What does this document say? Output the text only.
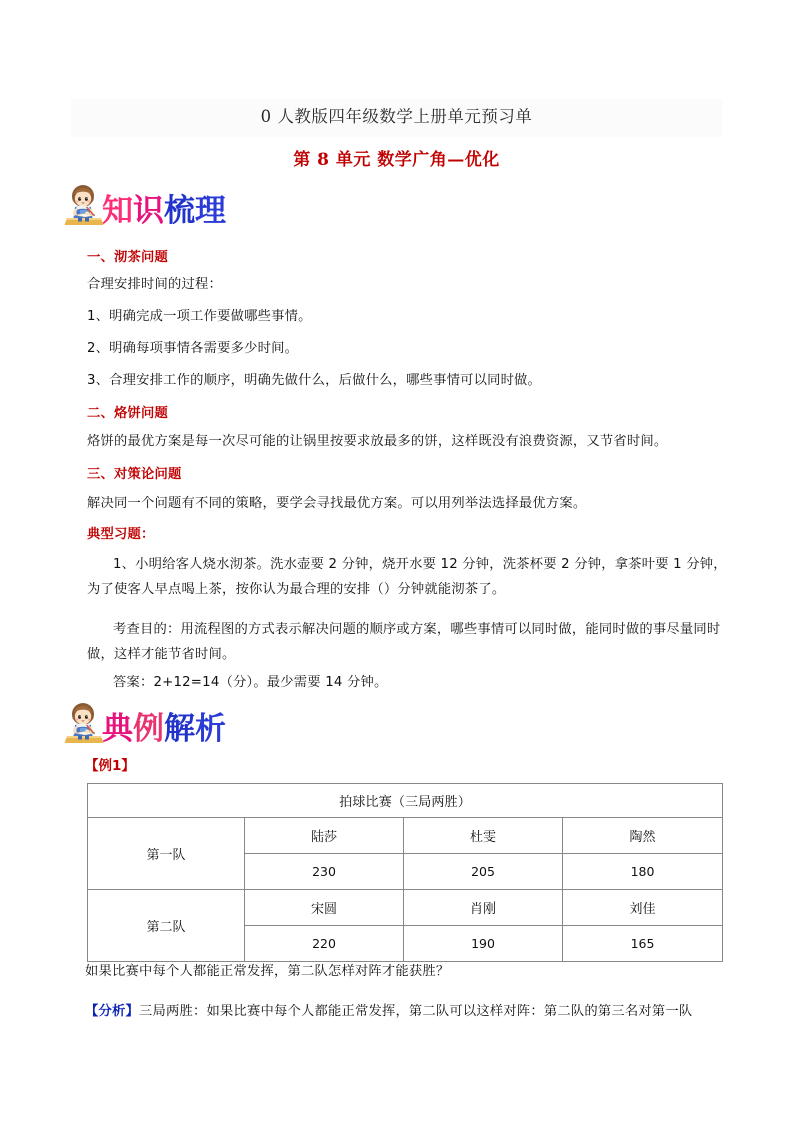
0 人教版四年级数学上册单元预习单
第 8 单元 数学广角—优化
知识梳理
一、沏茶问题
合理安排时间的过程：
1、明确完成一项工作要做哪些事情。
2、明确每项事情各需要多少时间。
3、合理安排工作的顺序，明确先做什么，后做什么，哪些事情可以同时做。
二、烙饼问题
烙饼的最优方案是每一次尽可能的让锅里按要求放最多的饼，这样既没有浪费资源，又节省时间。
三、对策论问题
解决同一个问题有不同的策略，要学会寻找最优方案。可以用列举法选择最优方案。
典型习题：
1、小明给客人烧水沏茶。洗水壶要 2 分钟，烧开水要 12 分钟，洗茶杯要 2 分钟，拿茶叶要 1 分钟，为了使客人早点喝上茶，按你认为最合理的安排（）分钟就能沏茶了。
考查目的：用流程图的方式表示解决问题的顺序或方案，哪些事情可以同时做，能同时做的事尽量同时做，这样才能节省时间。
答案：2+12=14（分）。最少需要 14 分钟。
典例解析
【例1】
拍球比赛（三局两胜）			
第一队	陆莎	杜雯	陶然
	230	205	180
第二队	宋圆	肖刚	刘佳
	220	190	165
如果比赛中每个人都能正常发挥，第二队怎样对阵才能获胜？
【分析】三局两胜：如果比赛中每个人都能正常发挥，第二队可以这样对阵：第二队的第三名对第一队
